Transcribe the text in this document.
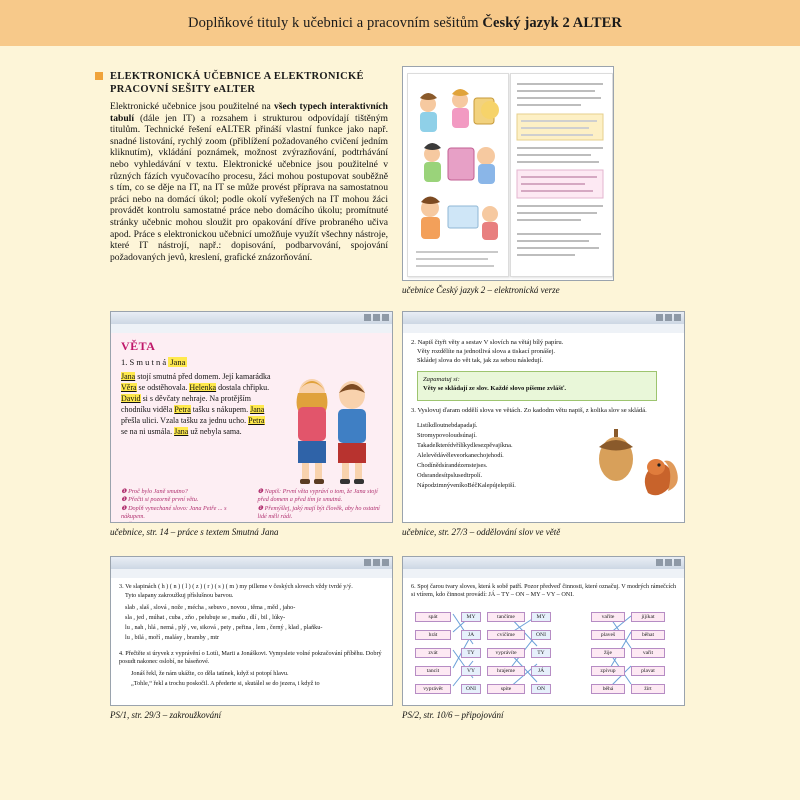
Doplňkové tituly k učebnici a pracovním sešitům Český jazyk 2 ALTER
ELEKTRONICKÁ UČEBNICE A ELEKTRONICKÉ
PRACOVNÍ SEŠITY eALTER
Elektronické učebnice jsou použitelné na všech typech interaktivních tabulí (dále jen IT) a rozsahem i strukturou odpovídají tištěným titulům. Technické řešení eALTER přináší vlastní funkce jako např. snadné listování, rychlý zoom (přiblížení požadovaného cvičení jedním kliknutím), vkládání poznámek, možnost zvýrazňování, podtrhávání nebo vyhledávání v textu. Elektronické učebnice jsou použitelné v různých fázích vyučovacího procesu, žáci mohou postupovat souběžně s tím, co se děje na IT, na IT se může provést příprava na samostatnou práci nebo na domácí úkol; podle okolí vyřešených na IT mohou žáci provádět kontrolu samostatné práce nebo domácího úkolu; promítnuté stránky učebnic mohou sloužit pro opakování dříve probraného učiva apod. Práce s elektronickou učebnicí umožňuje využít všechny nástroje, které IT nástrojí, např.: dopisování, podbarvování, spojování požadovaných jevů, kreslení, grafické znázorňování.
učebnice Český jazyk 2 – elektronická verze
VĚTA
1. S m u t n á Jana
Jana stojí smutná před domem. Její kamarádka Věra se odstěhovala. Helenka dostala chřipku. David si s děvčaty nehraje. Na protějším chodníku viděla Petra tašku s nákupem. Jana přešla ulici. Vzala tašku za jednu ucho. Petra se na ni usmála. Jana už nebyla sama.
❶ Proč bylo Janě smutno?
❶ Přečti si pozorně první větu.
❶ Doplň vynechané slovo: Jana Petře ... s nákupem.
❶ Napiš: První věta vypráví o tom, že Jana stojí před domem a před tím je smutná.
❶ Přemýšlej, jaký mají být člověk, aby ho ostatní lidé měli rádi.
učebnice, str. 14 – práce s textem Smutná Jana
2. Napiš čtyři věty a sestav V slovích na větáj bílý papíru.
Věty rozdělíte na jednotlivá slova a tiskací pronášej.
Skládej slova do vět tak, jak za sebou následují.
Zapamatuj si:
Věty se skládají ze slov. Každé slovo píšeme zvlášť.
3. Vyslovuj ďaram oddělí slova ve větách. Zo kadodm větu napiš, z kolika slov se skládá.
Listíkdloutnebdapadají.
Stromypovoloudsúnají.
Takadelkterédvřílíkydlesezpěvajíkna.
Alelevědávěleveorkanechojehodí.
Chodínědsírandézenstejses.
Odsrandesítpslusedtrpolí.
NápodzimnýveníkoBéčKalepújelepiší.
učebnice, str. 27/3 – oddělování slov ve větě
3. Ve slapinách ( h ) ( n ) ( l ) ( z ) ( r ) ( s ) ( m ) my pilleme v českých slovech vždy tvrdé y/ý.
Tyto slapany zakroužkuj příslušnou barvou.
slab , slaš , slová , nože , mécha , sebuvo , novou , těma , měd , jaho-
sla , jed , múhat , cuba , zňo , pelubuje se , maňu , dlí , bil , lúky-
lu , nah , hlá , nemá , plý , ve, siková , pety , peřina , lem , černý , klad , plaňku-
lu , bilá , moří , malásy , bramby , mtr
4. Přečtěte si úryvek z vyprávění o Lotíi, Marii a Jonáškovi. Vymyslete volné pokračování příběhu. Dobrý posudt nakonec oslobí, ne báseňové.
Jonáš řekl, že nám ukážte, co děla tatínek, když si potopí hlavu.
„Tohle,“ řekl a trochu poskočil. A přederte si, skutálel se do jezera, i když to
PS/1, str. 29/3 – zakroužkování
6. Spoj čarou tvary sloves, která k sobě patří. Pozor předveď činnosti, které označuj. V modrých rámečcích si vtírem, kdo činnost provádí: JÁ – TY – ON – MY – VY – ONI.
spát
hrát
zvát
tancit
vyprávět
MY
JA
TY
VY
ONI
tančíme
cvičíme
vyprávíte
hrajeme
spíte
MY
ONI
TY
JÁ
ON
vaříte
plaveš
žije
zpívup
běhá
jíjíkat
běhat
vařit
plavat
žírt
PS/2, str. 10/6 – připojování
